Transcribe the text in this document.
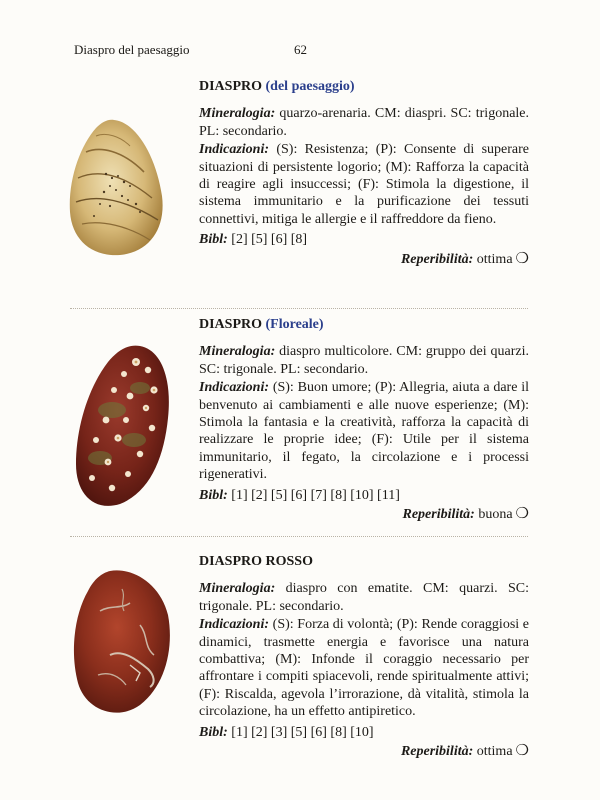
Diaspro del paesaggio	62
DIASPRO (del paesaggio)

Mineralogia: quarzo-arenaria. CM: diaspri. SC: trigonale. PL: secondario.

Indicazioni: (S): Resistenza; (P): Consente di superare situazioni di persistente logorio; (M): Rafforza la capacità di reagire agli insuccessi; (F): Stimola la digestione, il sistema immunitario e la purificazione dei tessuti connettivi, mitiga le allergie e il raffreddore da fieno.

Bibl: [2] [5] [6] [8]

Reperibilità: ottima ❍
DIASPRO (Floreale)

Mineralogia: diaspro multicolore. CM: gruppo dei quarzi. SC: trigonale. PL: secondario.

Indicazioni: (S): Buon umore; (P): Allegria, aiuta a dare il benvenuto ai cambiamenti e alle nuove esperienze; (M): Stimola la fantasia e la creatività, rafforza la capacità di realizzare le proprie idee; (F): Utile per il sistema immunitario, il fegato, la circolazione e i processi rigenerativi.

Bibl: [1] [2] [5] [6] [7] [8] [10] [11]

Reperibilità: buona ❍
DIASPRO ROSSO

Mineralogia: diaspro con ematite. CM: quarzi. SC: trigonale. PL: secondario.

Indicazioni: (S): Forza di volontà; (P): Rende coraggiosi e dinamici, trasmette energia e favorisce una natura combattiva; (M): Infonde il coraggio necessario per affrontare i compiti spiacevoli, rende spiritualmente attivi; (F): Riscalda, agevola l’irrorazione, dà vitalità, stimola la circolazione, ha un effetto antipiretico.

Bibl: [1] [2] [3] [5] [6] [8] [10]

Reperibilità: ottima ❍
